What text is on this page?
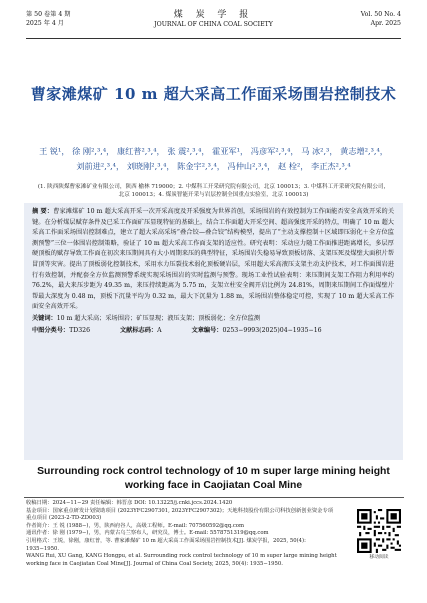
第 50 卷第 4 期
2025 年 4 月
煤 炭 学 报
JOURNAL OF CHINA COAL SOCIETY
Vol. 50 No. 4
Apr. 2025
曹家滩煤矿 10 m 超大采高工作面采场围岩控制技术
王 锐¹， 徐 刚²,³,⁴， 康红普²,³,⁴， 张 震²,³,⁴， 霍亚军¹， 冯彦军²,³,⁴， 马 冰²,³， 黄志增²,³,⁴，
刘前进²,³,⁴， 刘晓刚²,³,⁴， 陈金宇²,³,⁴， 冯仲山²,³,⁴， 赵 栓²， 李正杰²,³,⁴
(1. 陕西陕煤曹家滩矿业有限公司，陕西 榆林 719000；2. 中煤科工开采研究院有限公司，北京 100013；3. 中煤科工开采研究院有限公司，
北京 100013；4. 煤炭智能开采与岩层控制全国重点实验室，北京 100013)

摘 要：曹家滩煤矿 10 m 超大采高开采一次开采高度及开采强度为世界首创，采场围岩的有效控制为工作面能否安全高效开采的关键。在分析煤层赋存条件及已采工作面矿压显现特征的基础上，结合工作面超大开采空间、超高强度开采的特点，明确了 10 m 超大采高工作面采场围岩控制难点，建立了超大采高采场“叠合铰—叠合铰”结构模型，提出了“主动支撑控制＋区域即压弱化＋全方位监测预警”三位一体围岩控制策略，验证了 10 m 超大采高工作面支架的适应性。研究表明：采动应力随工作面推进距离增长，多层厚硬顶板的赋存导致工作面在初次来压期间具有大小周期来压的典型特征，采场围岩失稳易导致顶板切落、支架压死及煤壁大面积片帮冒顶等灾害。提出了顶板弱化控制技术，采用水力压裂技术弱化顶板硬岩层，采用超大采高液压支架主动支护技术，对工作面围岩进行有效控制，并配套全方位监测预警系统实现采场围岩的实时监测与预警。现场工业性试验表明：来压期间支架工作阻力利用率约 76.2%，最大来压步距为 49.35 m，来压持续距离为 5.75 m，支架立柱安全阀开启比例为 24.81%，周期来压期间工作面煤壁片帮最大深度为 0.48 m，顶板下沉量平均为 0.32 m，最大下沉量为 1.88 m，采场围岩整体稳定可控，实现了 10 m 超大采高工作面安全高效开采。

关键词：10 m 超大采高；采场围岩；矿压显现；液压支架；顶板弱化；全方位监测

中图分类号：TD326	文献标志码：A	文章编号：0253−9993(2025)04−1935−16

Surrounding rock control technology of 10 m super large mining height working face in Caojiatan Coal Mine
收稿日期：2024−11−29 责任编辑：韩晋彦 DOI: 10.13225/j.cnki.jccs.2024.1420
基金项目：国家重点研发计划资助项目 (2023YFC2907301, 2023YFC2907302)；天地科技股份有限公司科技创新创业资金专项
重点项目 (2023-2-TD-ZD003)
作者简介：王 锐 (1988−)，男，陕西府谷人，高级工程师。E-mail: 707560592@qq.com
通讯作者：徐 刚 (1979−)，男，内蒙古乌兰察布人，研究员，博士。E-mail: 5578751319@qq.com
引用格式：王锐，徐刚，康红普，等. 曹家滩煤矿 10 m 超大采高工作面采场围岩控制技术[J]. 煤炭学报，2025, 50(4):
1935−1950.
WANG Rui, XU Gang, KANG Hongpu, et al. Surrounding rock control technology of 10 m super large mining height
working face in Caojiatan Coal Mine[J]. Journal of China Coal Society, 2025, 50(4): 1935−1950.
移动阅读
